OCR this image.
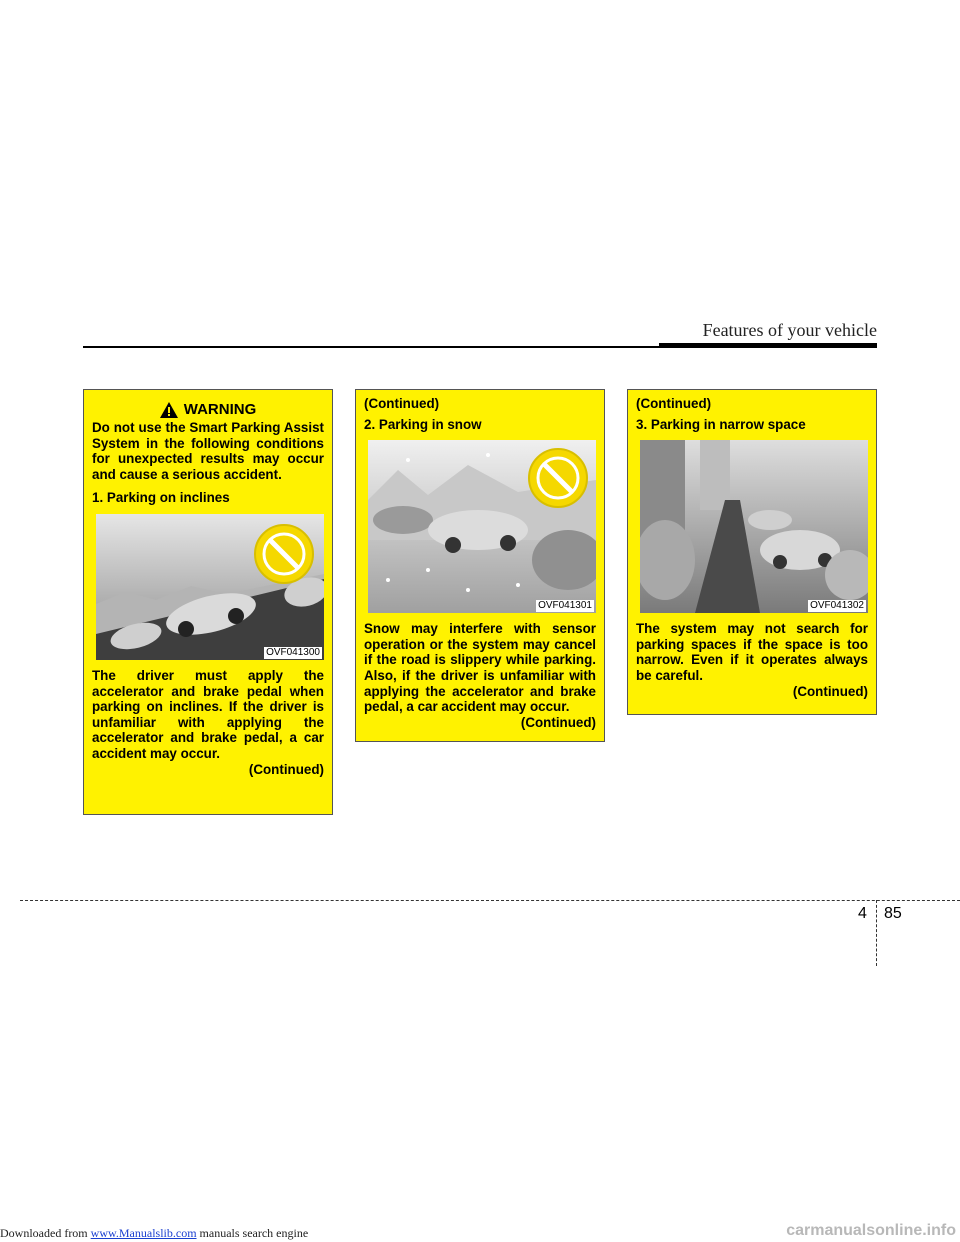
Features of your vehicle
WARNING

Do not use the Smart Parking Assist System in the following conditions for unexpected results may occur and cause a serious accident.

1. Parking on inclines

OVF041300

The driver must apply the accelerator and brake pedal when parking on inclines. If the driver is unfamiliar with applying the accelerator and brake pedal, a car accident may occur.

(Continued)

(Continued)

2. Parking in snow

OVF041301

Snow may interfere with sensor operation or the system may cancel if the road is slippery while parking. Also, if the driver is unfamiliar with applying the accelerator and brake pedal, a car accident may occur.

(Continued)

(Continued)

3. Parking in narrow space

OVF041302

The system may not search for parking spaces if the space is too narrow. Even if it operates always be careful.

(Continued)

4 85
Downloaded from www.Manualslib.com manuals search engine	carmanualsonline.info
